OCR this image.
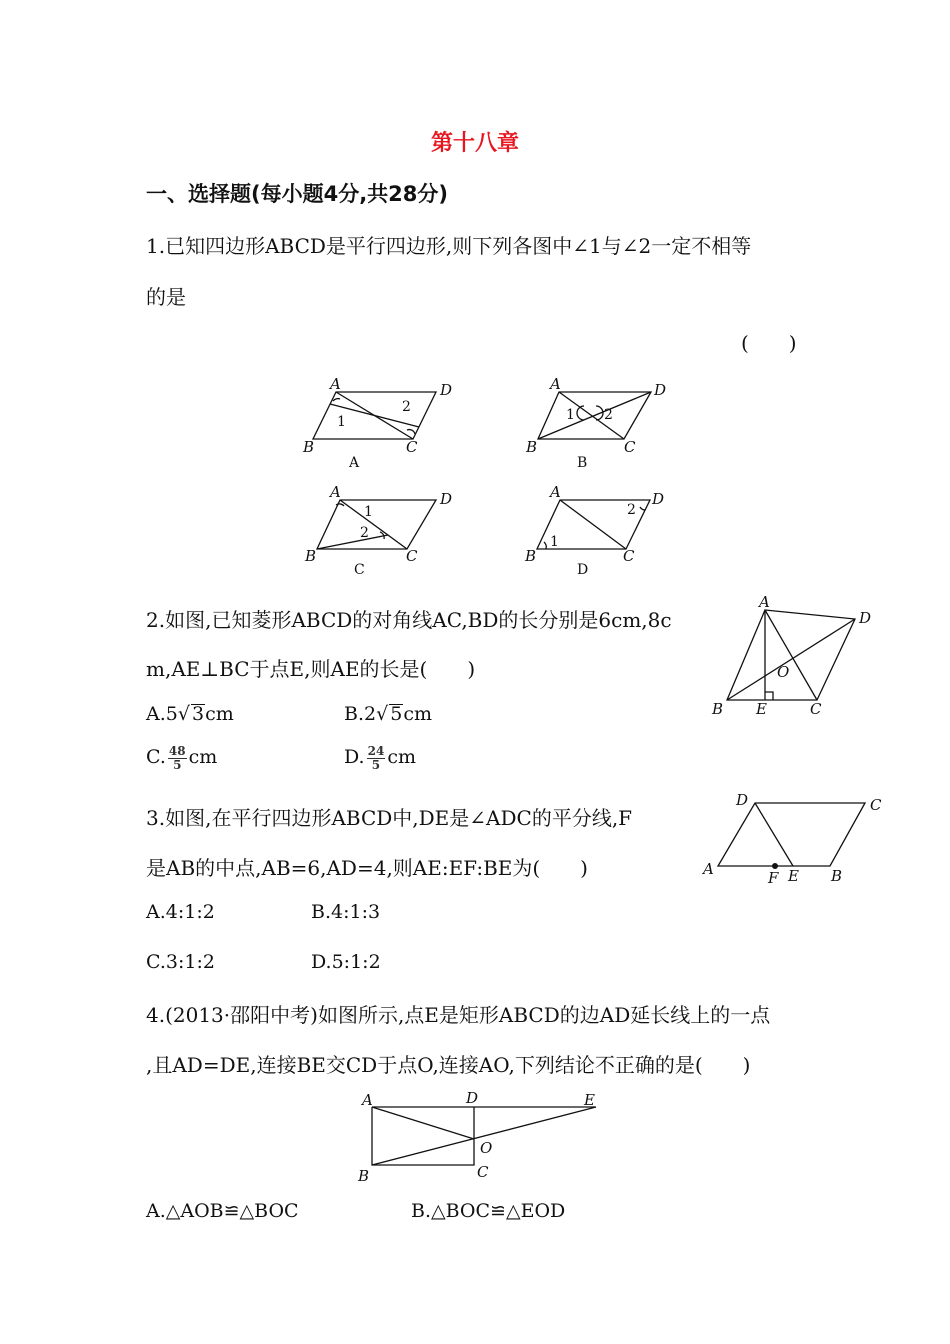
第十八章
一、选择题(每小题4分,共28分)
1.已知四边形ABCD是平行四边形,则下列各图中∠1与∠2一定不相等
的是
(　　)
A	D
B	C
1
2
A
A	D
B	C
1 2
B
A	D
B	C
1
2
C
A	D
B	C
1
2
D
2.如图,已知菱形ABCD的对角线AC,BD的长分别是6cm,8c
m,AE⊥BC于点E,则AE的长是(　　)
A.5√ 3cm	B.2√ 5cm
C. $\frac{48}{5}$ cm	D. $\frac{24}{5}$ cm
A
D
B E	C
O
3.如图,在平行四边形ABCD中,DE是∠ADC的平分线,F
是AB的中点,AB=6,AD=4,则AE:EF:BE为(　　)
A.4:1:2	B.4:1:3
C.3:1:2	D.5:1:2
D	C
A	F E B
4.(2013·邵阳中考)如图所示,点E是矩形ABCD的边AD延长线上的一点
,且AD=DE,连接BE交CD于点O,连接AO,下列结论不正确的是(　　)
A	D	E
O
B	C
A.△AOB≌△BOC	B.△BOC≌△EOD
